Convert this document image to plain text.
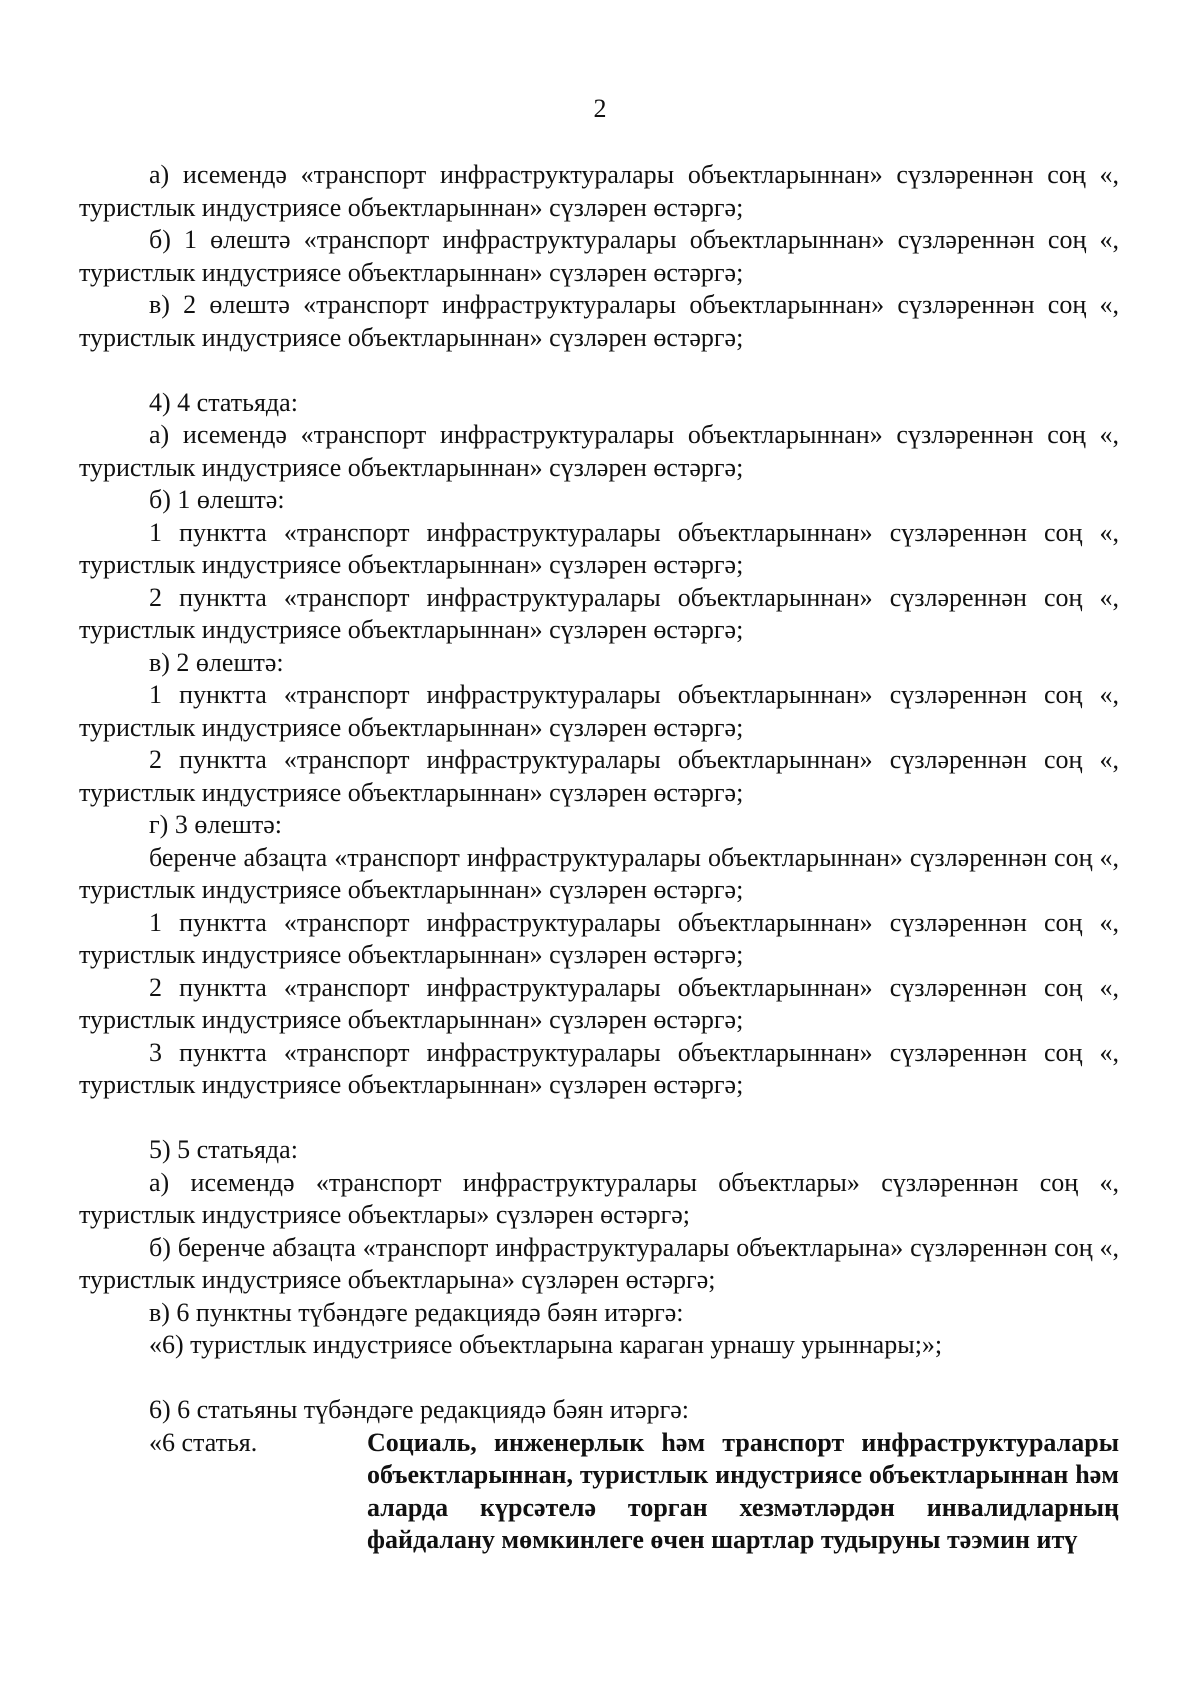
2

а) исемендә «транспорт инфраструктуралары объектларыннан» сүзләреннән соң «, туристлык индустриясе объектларыннан» сүзләрен өстәргә;

б) 1 өлештә «транспорт инфраструктуралары объектларыннан» сүзләреннән соң «, туристлык индустриясе объектларыннан» сүзләрен өстәргә;

в) 2 өлештә «транспорт инфраструктуралары объектларыннан» сүзләреннән соң «, туристлык индустриясе объектларыннан» сүзләрен өстәргә;

4) 4 статьяда:

а) исемендә «транспорт инфраструктуралары объектларыннан» сүзләреннән соң «, туристлык индустриясе объектларыннан» сүзләрен өстәргә;

б) 1 өлештә:

1 пунктта «транспорт инфраструктуралары объектларыннан» сүзләреннән соң «, туристлык индустриясе объектларыннан» сүзләрен өстәргә;

2 пунктта «транспорт инфраструктуралары объектларыннан» сүзләреннән соң «, туристлык индустриясе объектларыннан» сүзләрен өстәргә;

в) 2 өлештә:

1 пунктта «транспорт инфраструктуралары объектларыннан» сүзләреннән соң «, туристлык индустриясе объектларыннан» сүзләрен өстәргә;

2 пунктта «транспорт инфраструктуралары объектларыннан» сүзләреннән соң «, туристлык индустриясе объектларыннан» сүзләрен өстәргә;

г) 3 өлештә:

беренче абзацта «транспорт инфраструктуралары объектларыннан» сүзләреннән соң «, туристлык индустриясе объектларыннан» сүзләрен өстәргә;

1 пунктта «транспорт инфраструктуралары объектларыннан» сүзләреннән соң «, туристлык индустриясе объектларыннан» сүзләрен өстәргә;

2 пунктта «транспорт инфраструктуралары объектларыннан» сүзләреннән соң «, туристлык индустриясе объектларыннан» сүзләрен өстәргә;

3 пунктта «транспорт инфраструктуралары объектларыннан» сүзләреннән соң «, туристлык индустриясе объектларыннан» сүзләрен өстәргә;

5) 5 статьяда:

а) исемендә «транспорт инфраструктуралары объектлары» сүзләреннән соң «, туристлык индустриясе объектлары» сүзләрен өстәргә;

б) беренче абзацта «транспорт инфраструктуралары объектларына» сүзләреннән соң «, туристлык индустриясе объектларына» сүзләрен өстәргә;

в) 6 пунктны түбәндәге редакциядә бәян итәргә:

«6) туристлык индустриясе объектларына караган урнашу урыннары;»;

6) 6 статьяны түбәндәге редакциядә бәян итәргә:

«6 статья.	Социаль, инженерлык һәм транспорт инфраструктуралары объектларыннан, туристлык индустриясе объектларыннан һәм аларда күрсәтелә торган хезмәтләрдән инвалидларның файдалану мөмкинлеге өчен шартлар тудыруны тәэмин итү
